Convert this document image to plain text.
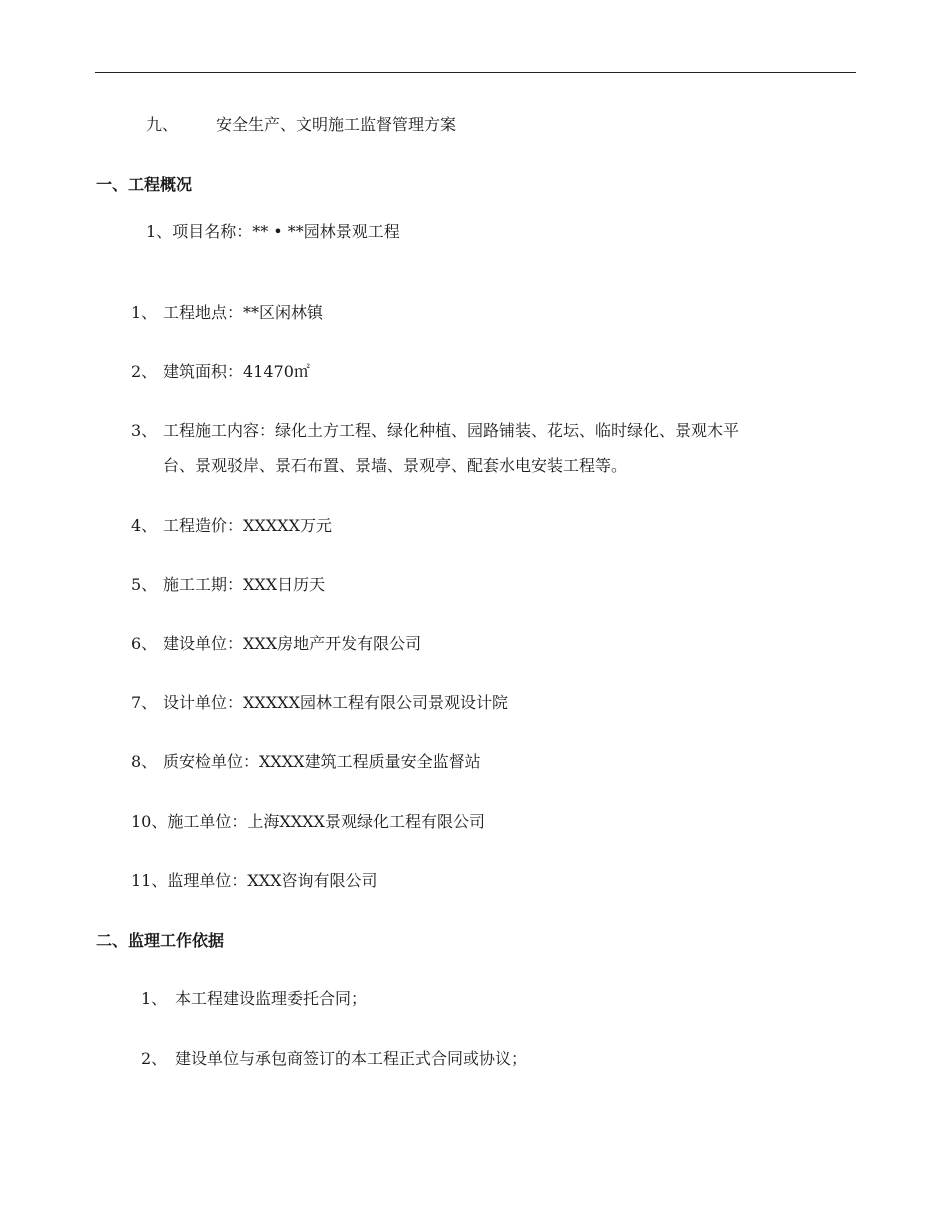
九、 安全生产、文明施工监督管理方案
一、工程概况
1、项目名称：** • **园林景观工程
1、 工程地点：**区闲林镇
2、 建筑面积：41470㎡
3、 工程施工内容：绿化土方工程、绿化种植、园路铺装、花坛、临时绿化、景观木平
台、景观驳岸、景石布置、景墙、景观亭、配套水电安装工程等。
4、 工程造价：XXXXX万元
5、 施工工期：XXX日历天
6、 建设单位：XXX房地产开发有限公司
7、 设计单位：XXXXX园林工程有限公司景观设计院
8、 质安检单位：XXXX建筑工程质量安全监督站
10、施工单位：上海XXXX景观绿化工程有限公司
11、监理单位：XXX咨询有限公司
二、监理工作依据
1、 本工程建设监理委托合同；
2、 建设单位与承包商签订的本工程正式合同或协议；
